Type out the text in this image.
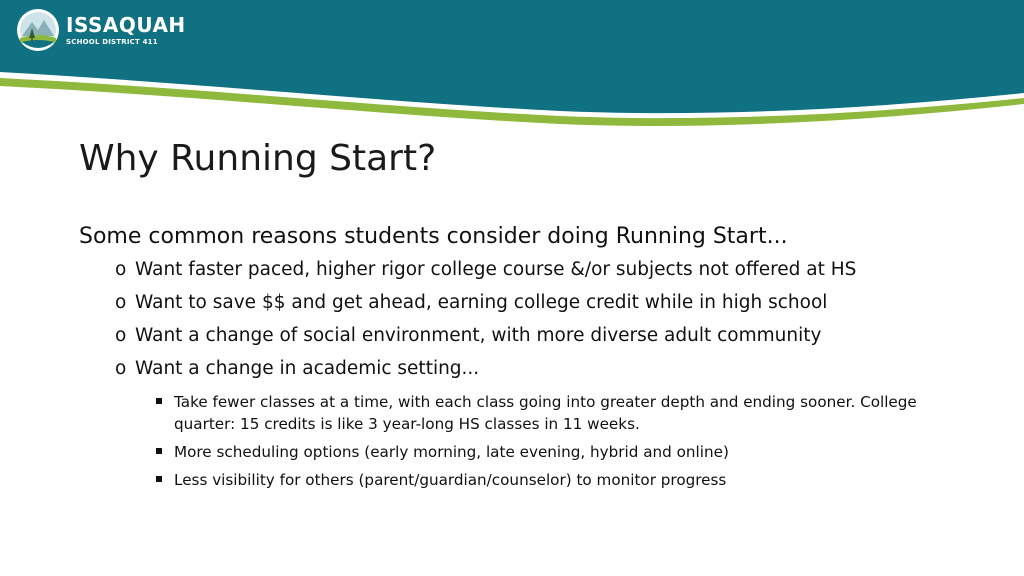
ISSAQUAH
SCHOOL DISTRICT 411
Why Running Start?
Some common reasons students consider doing Running Start...
o Want faster paced, higher rigor college course &/or subjects not offered at HS
o Want to save $$ and get ahead, earning college credit while in high school
o Want a change of social environment, with more diverse adult community
o Want a change in academic setting...
Take fewer classes at a time, with each class going into greater depth and ending sooner. College quarter: 15 credits is like 3 year-long HS classes in 11 weeks.
More scheduling options (early morning, late evening, hybrid and online)
Less visibility for others (parent/guardian/counselor) to monitor progress
